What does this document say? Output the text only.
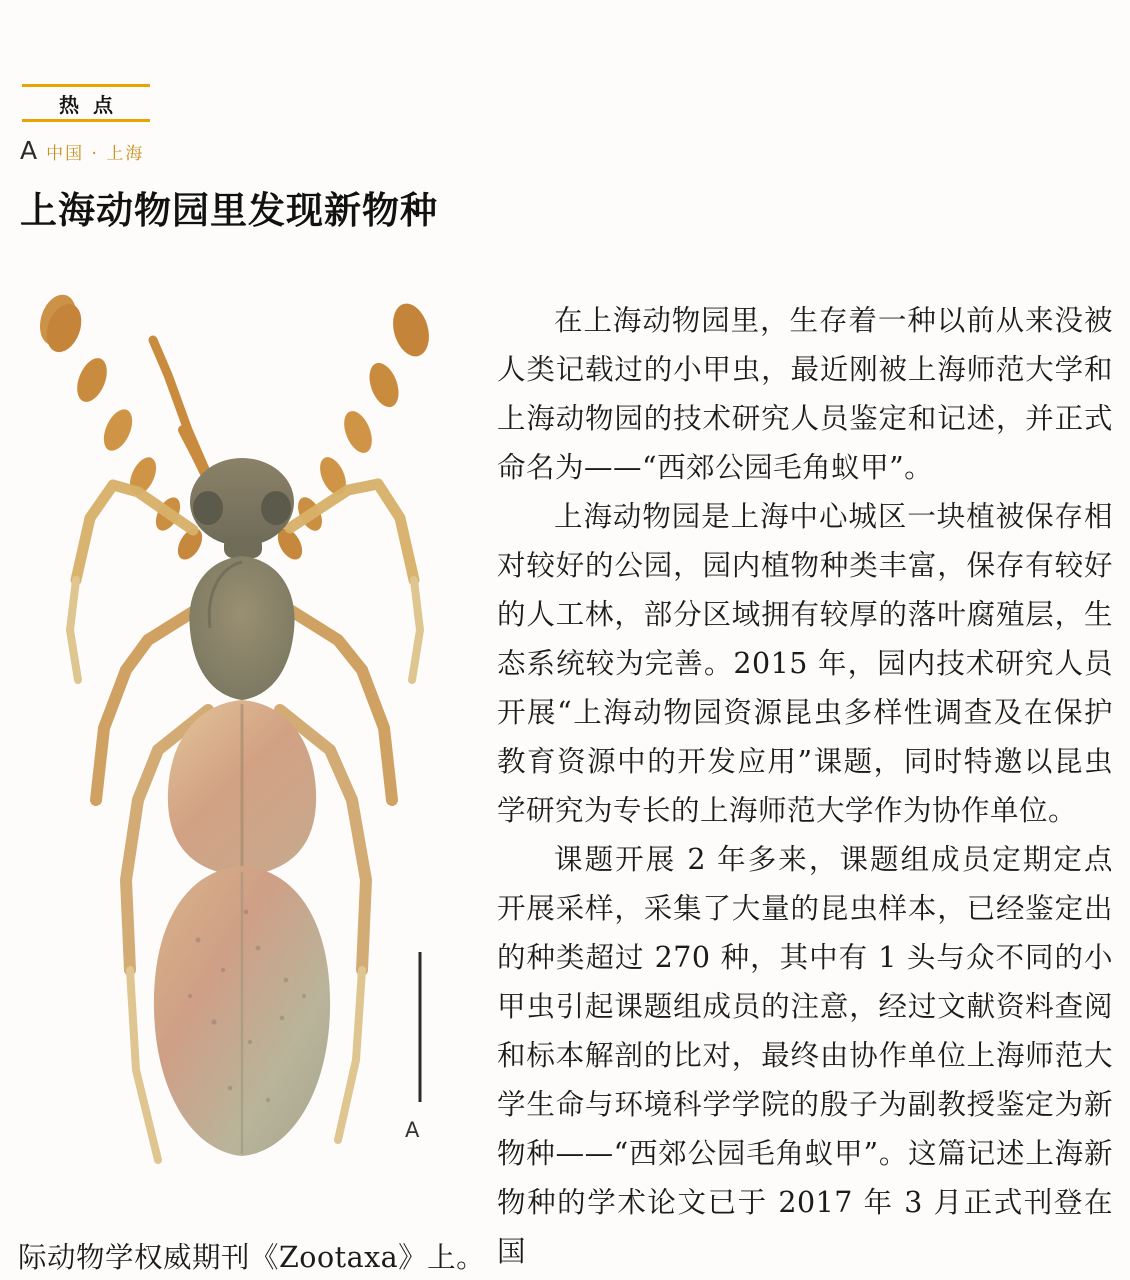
热点
A 中国 · 上海
上海动物园里发现新物种
A

在上海动物园里，生存着一种以前从来没被人类记载过的小甲虫，最近刚被上海师范大学和上海动物园的技术研究人员鉴定和记述，并正式命名为——“西郊公园毛角蚁甲”。

上海动物园是上海中心城区一块植被保存相对较好的公园，园内植物种类丰富，保存有较好的人工林，部分区域拥有较厚的落叶腐殖层，生态系统较为完善。2015 年，园内技术研究人员开展“上海动物园资源昆虫多样性调查及在保护教育资源中的开发应用”课题，同时特邀以昆虫学研究为专长的上海师范大学作为协作单位。

课题开展 2 年多来，课题组成员定期定点开展采样，采集了大量的昆虫样本，已经鉴定出的种类超过 270 种，其中有 1 头与众不同的小甲虫引起课题组成员的注意，经过文献资料查阅和标本解剖的比对，最终由协作单位上海师范大学生命与环境科学学院的殷子为副教授鉴定为新物种——“西郊公园毛角蚁甲”。这篇记述上海新物种的学术论文已于 2017 年 3 月正式刊登在国

际动物学权威期刊《Zootaxa》上。
